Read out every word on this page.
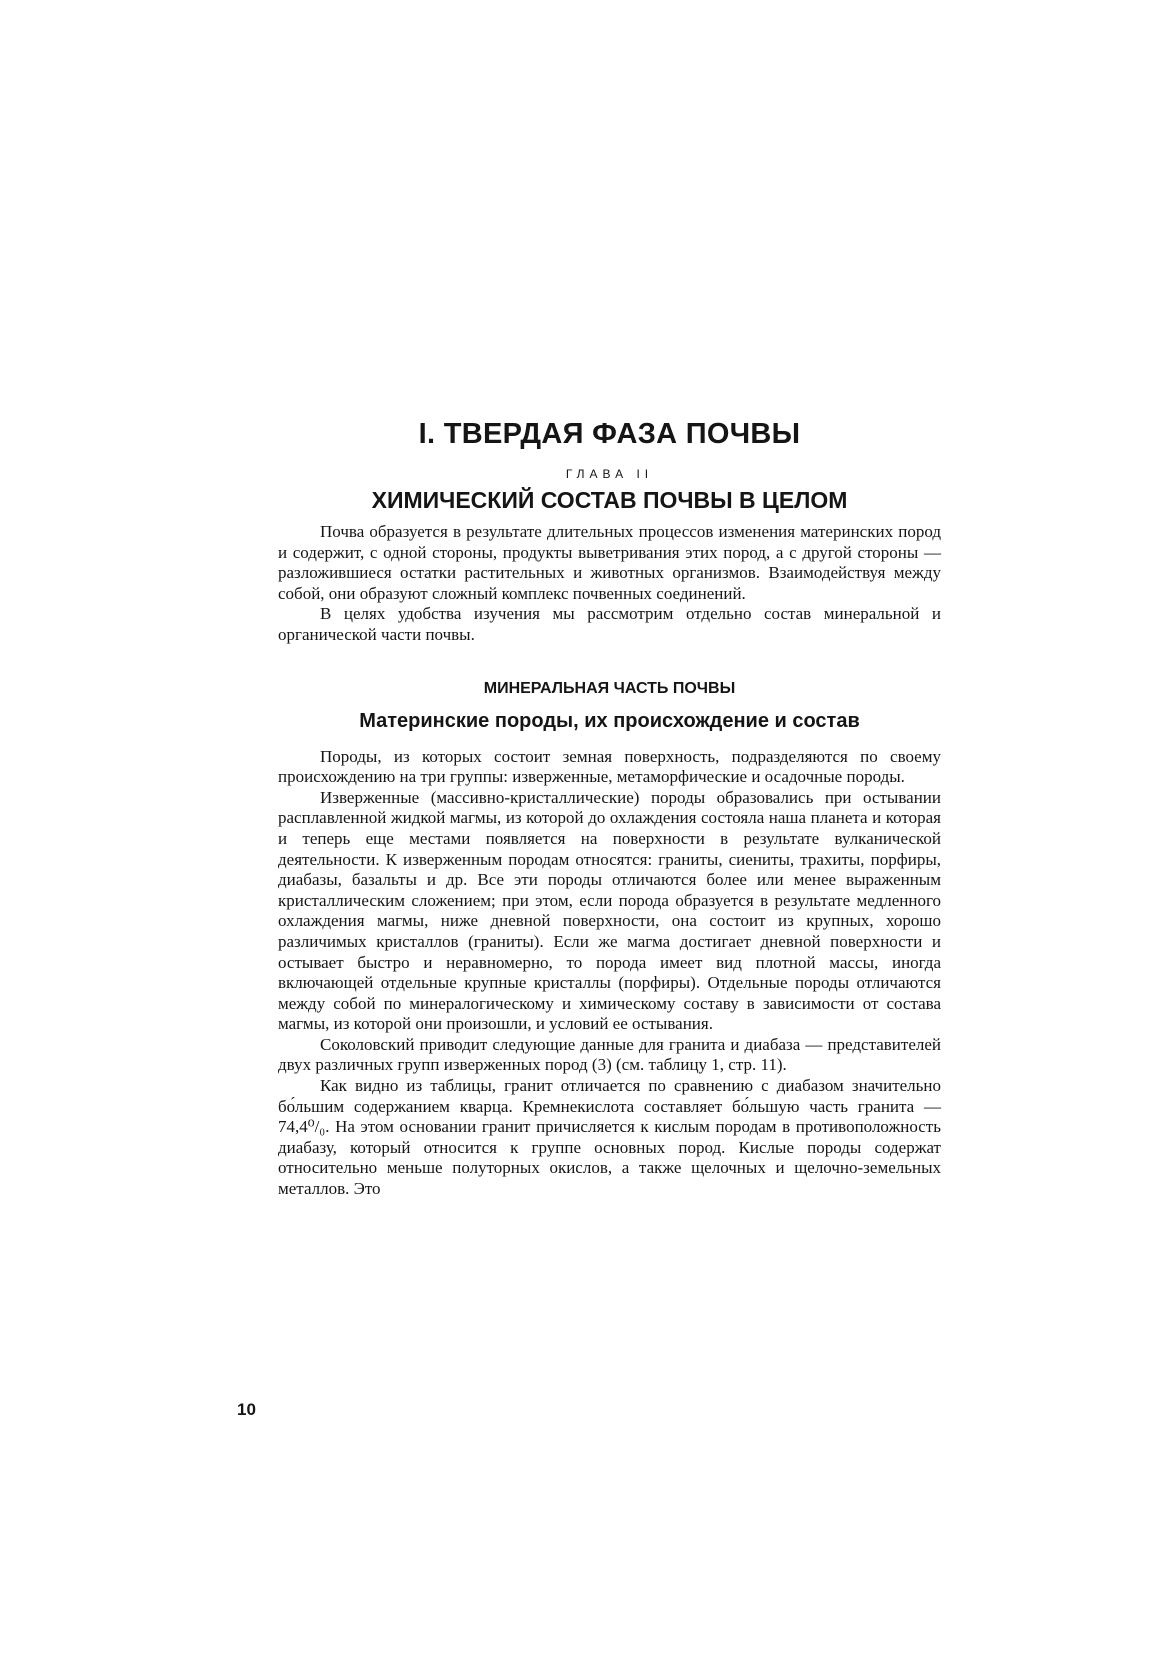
I. ТВЕРДАЯ ФАЗА ПОЧВЫ
ГЛАВА II
ХИМИЧЕСКИЙ СОСТАВ ПОЧВЫ В ЦЕЛОМ

Почва образуется в результате длительных процессов изменения материнских пород и содержит, с одной стороны, продукты выветривания этих пород, а с другой стороны — разложившиеся остатки растительных и животных организмов. Взаимодействуя между собой, они образуют сложный комплекс почвенных соединений.

В целях удобства изучения мы рассмотрим отдельно состав минеральной и органической части почвы.

МИНЕРАЛЬНАЯ ЧАСТЬ ПОЧВЫ
Материнские породы, их происхождение и состав

Породы, из которых состоит земная поверхность, подразделяются по своему происхождению на три группы: изверженные, метаморфические и осадочные породы.

Изверженные (массивно-кристаллические) породы образовались при остывании расплавленной жидкой магмы, из которой до охлаждения состояла наша планета и которая и теперь еще местами появляется на поверхности в результате вулканической деятельности. К изверженным породам относятся: граниты, сиениты, трахиты, порфиры, диабазы, базальты и др. Все эти породы отличаются более или менее выраженным кристаллическим сложением; при этом, если порода образуется в результате медленного охлаждения магмы, ниже дневной поверхности, она состоит из крупных, хорошо различимых кристаллов (граниты). Если же магма достигает дневной поверхности и остывает быстро и неравномерно, то порода имеет вид плотной массы, иногда включающей отдельные крупные кристаллы (порфиры). Отдельные породы отличаются между собой по минералогическому и химическому составу в зависимости от состава магмы, из которой они произошли, и условий ее остывания.

Соколовский приводит следующие данные для гранита и диабаза — представителей двух различных групп изверженных пород (3) (см. таблицу 1, стр. 11).

Как видно из таблицы, гранит отличается по сравнению с диабазом значительно бо́льшим содержанием кварца. Кремнекислота составляет бо́льшую часть гранита — 74,4⁰/₀. На этом основании гранит причисляется к кислым породам в противоположность диабазу, который относится к группе основных пород. Кислые породы содержат относительно меньше полуторных окислов, а также щелочных и щелочно-земельных металлов. Это

10
